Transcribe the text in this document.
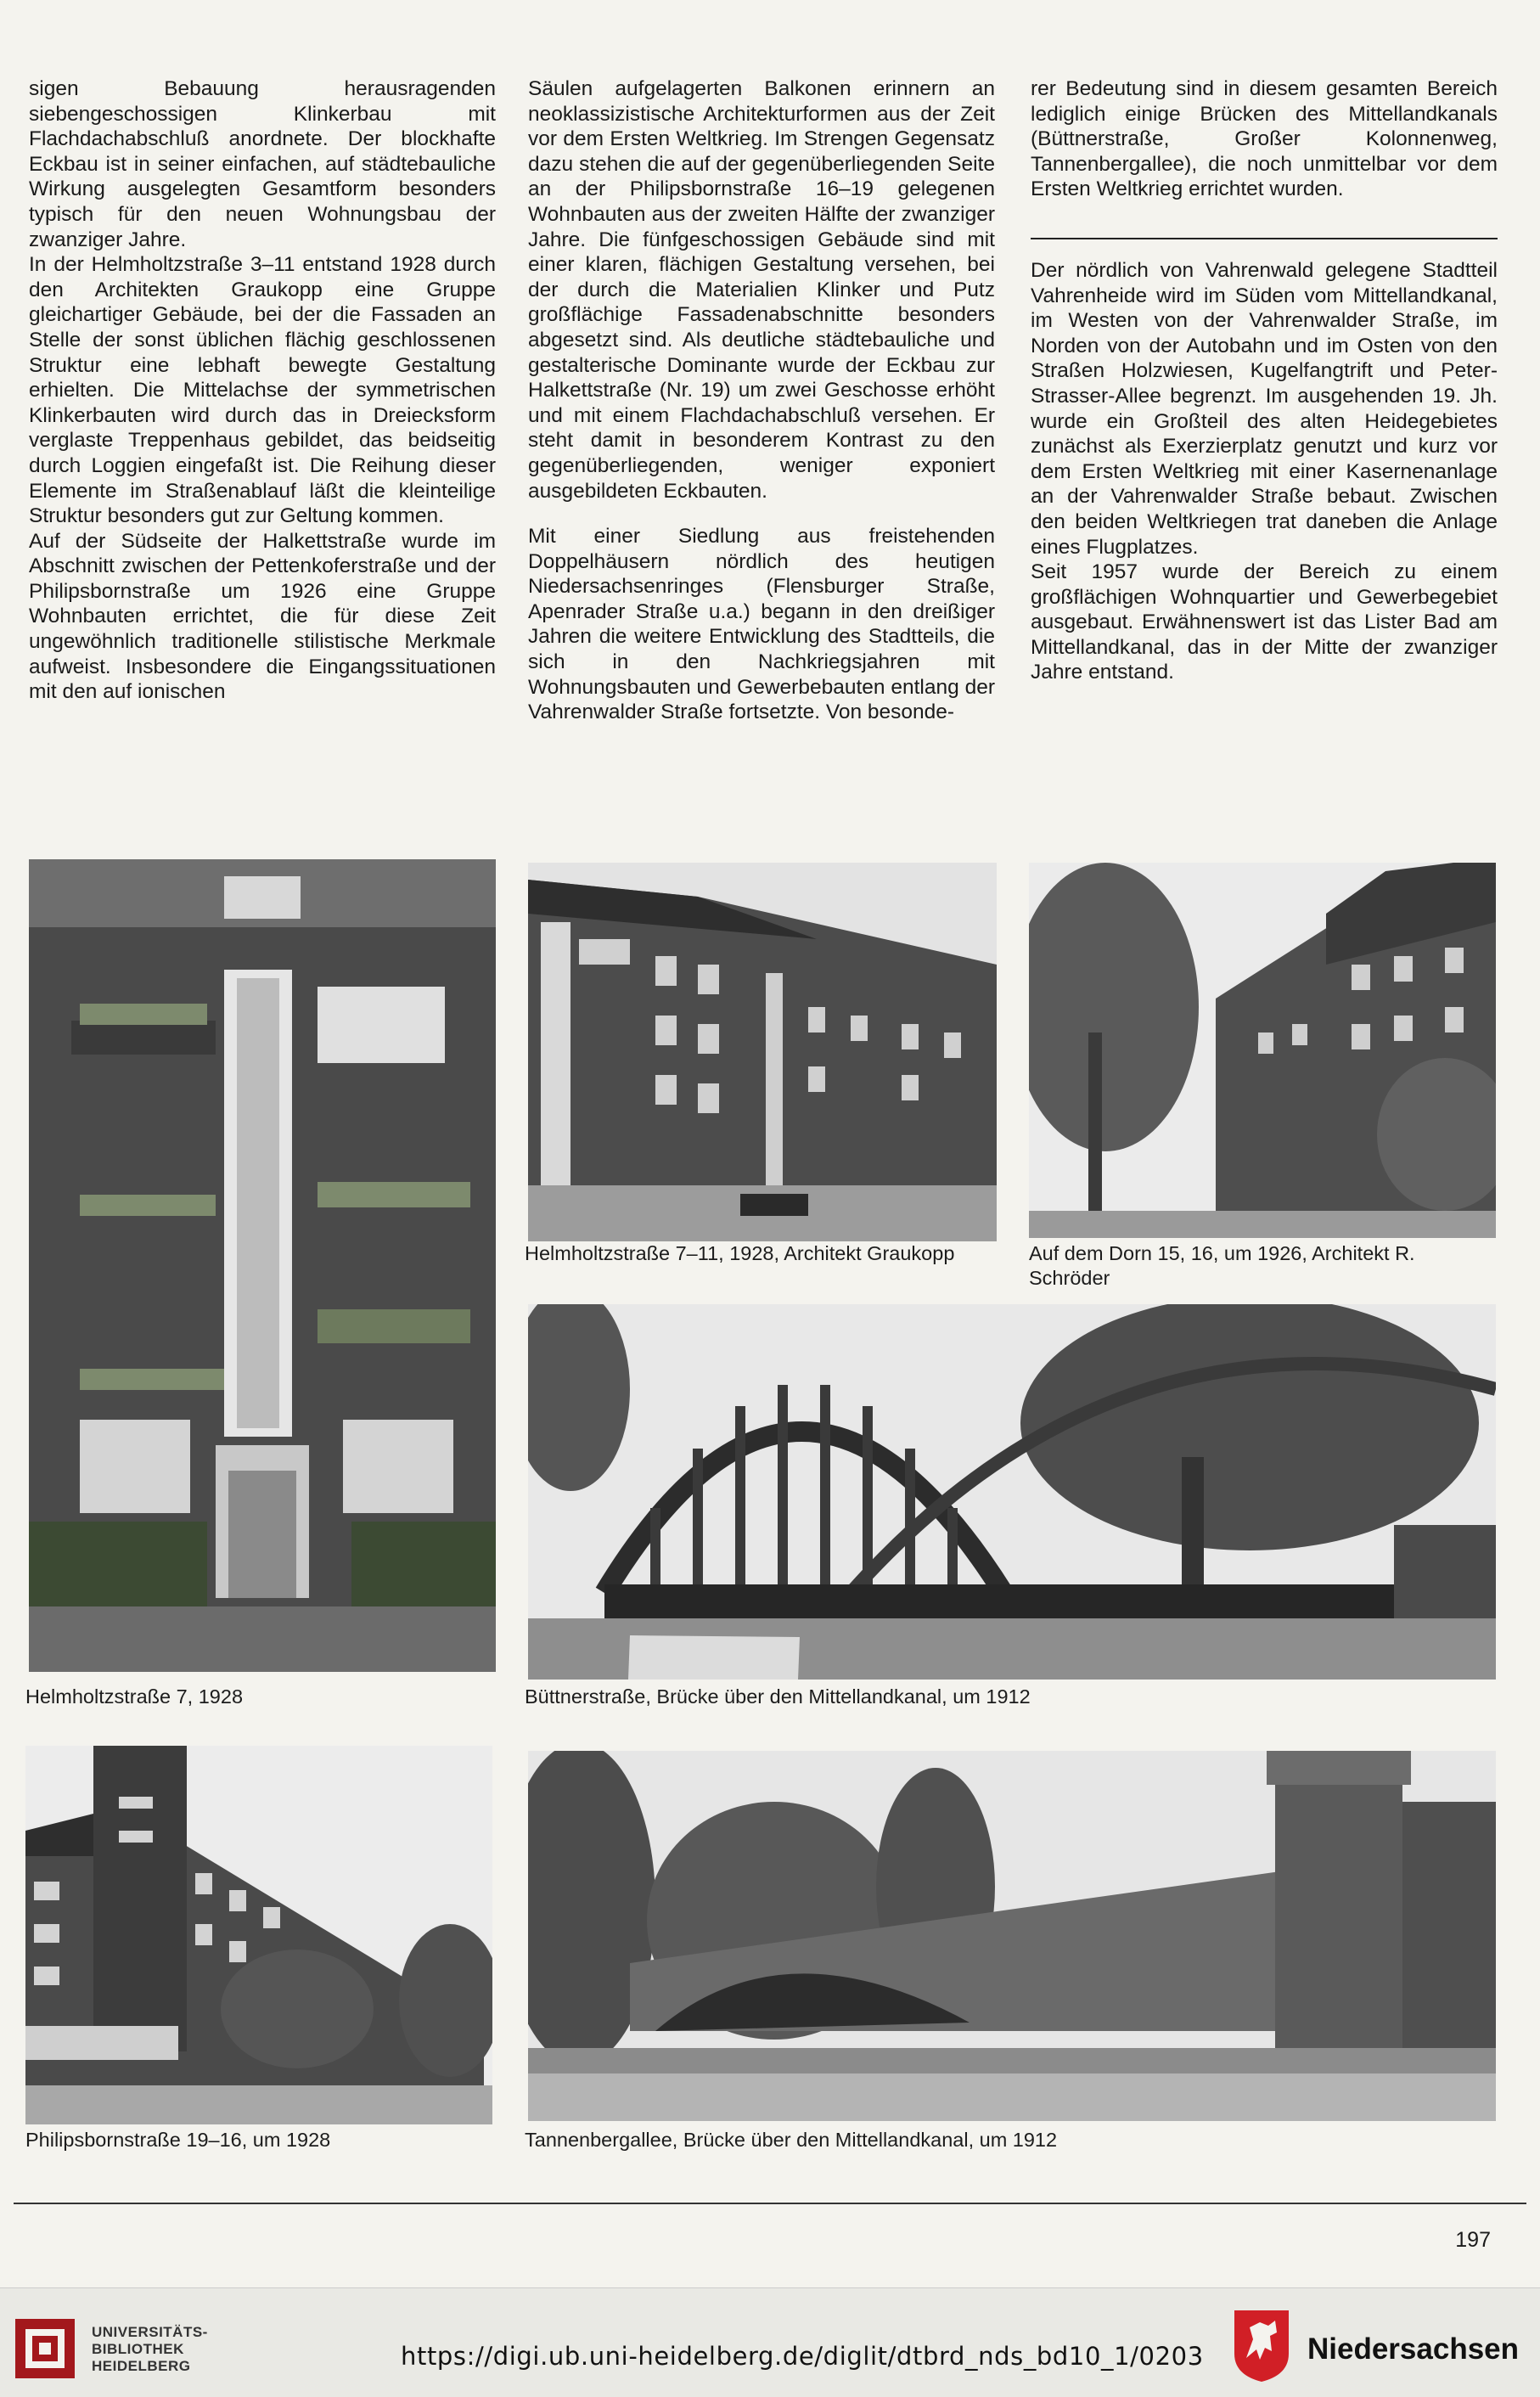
sigen Bebauung herausragenden siebengeschossigen Klinkerbau mit Flachdachabschluß anordnete. Der blockhafte Eckbau ist in seiner einfachen, auf städtebauliche Wirkung ausgelegten Gesamtform besonders typisch für den neuen Wohnungsbau der zwanziger Jahre.

In der Helmholtzstraße 3–11 entstand 1928 durch den Architekten Graukopp eine Gruppe gleichartiger Gebäude, bei der die Fassaden an Stelle der sonst üblichen flächig geschlossenen Struktur eine lebhaft bewegte Gestaltung erhielten. Die Mittelachse der symmetrischen Klinkerbauten wird durch das in Dreiecksform verglaste Treppenhaus gebildet, das beidseitig durch Loggien eingefaßt ist. Die Reihung dieser Elemente im Straßenablauf läßt die kleinteilige Struktur besonders gut zur Geltung kommen.

Auf der Südseite der Halkettstraße wurde im Abschnitt zwischen der Pettenkoferstraße und der Philipsbornstraße um 1926 eine Gruppe Wohnbauten errichtet, die für diese Zeit ungewöhnlich traditionelle stilistische Merkmale aufweist. Insbesondere die Eingangssituationen mit den auf ionischen

Säulen aufgelagerten Balkonen erinnern an neoklassizistische Architekturformen aus der Zeit vor dem Ersten Weltkrieg. Im Strengen Gegensatz dazu stehen die auf der gegenüberliegenden Seite an der Philipsbornstraße 16–19 gelegenen Wohnbauten aus der zweiten Hälfte der zwanziger Jahre. Die fünfgeschossigen Gebäude sind mit einer klaren, flächigen Gestaltung versehen, bei der durch die Materialien Klinker und Putz großflächige Fassadenabschnitte besonders abgesetzt sind. Als deutliche städtebauliche und gestalterische Dominante wurde der Eckbau zur Halkettstraße (Nr. 19) um zwei Geschosse erhöht und mit einem Flachdachabschluß versehen. Er steht damit in besonderem Kontrast zu den gegenüberliegenden, weniger exponiert ausgebildeten Eckbauten.

Mit einer Siedlung aus freistehenden Doppelhäusern nördlich des heutigen Niedersachsenringes (Flensburger Straße, Apenrader Straße u.a.) begann in den dreißiger Jahren die weitere Entwicklung des Stadtteils, die sich in den Nachkriegsjahren mit Wohnungsbauten und Gewerbebauten entlang der Vahrenwalder Straße fortsetzte. Von besonde-

rer Bedeutung sind in diesem gesamten Bereich lediglich einige Brücken des Mittellandkanals (Büttnerstraße, Großer Kolonnenweg, Tannenbergallee), die noch unmittelbar vor dem Ersten Weltkrieg errichtet wurden.

Der nördlich von Vahrenwald gelegene Stadtteil Vahrenheide wird im Süden vom Mittellandkanal, im Westen von der Vahrenwalder Straße, im Norden von der Autobahn und im Osten von den Straßen Holzwiesen, Kugelfangtrift und Peter-Strasser-Allee begrenzt. Im ausgehenden 19. Jh. wurde ein Großteil des alten Heidegebietes zunächst als Exerzierplatz genutzt und kurz vor dem Ersten Weltkrieg mit einer Kasernenanlage an der Vahrenwalder Straße bebaut. Zwischen den beiden Weltkriegen trat daneben die Anlage eines Flugplatzes.

Seit 1957 wurde der Bereich zu einem großflächigen Wohnquartier und Gewerbegebiet ausgebaut. Erwähnenswert ist das Lister Bad am Mittellandkanal, das in der Mitte der zwanziger Jahre entstand.

Helmholtzstraße 7, 1928
Helmholtzstraße 7–11, 1928, Architekt Graukopp	Auf dem Dorn 15, 16, um 1926, Architekt R. Schröder
Büttnerstraße, Brücke über den Mittellandkanal, um 1912
Philipsbornstraße 19–16, um 1928	Tannenbergallee, Brücke über den Mittellandkanal, um 1912
197
UNIVERSITÄTS-
BIBLIOTHEK
HEIDELBERG	https://digi.ub.uni-heidelberg.de/diglit/dtbrd_nds_bd10_1/0203	Niedersachsen
